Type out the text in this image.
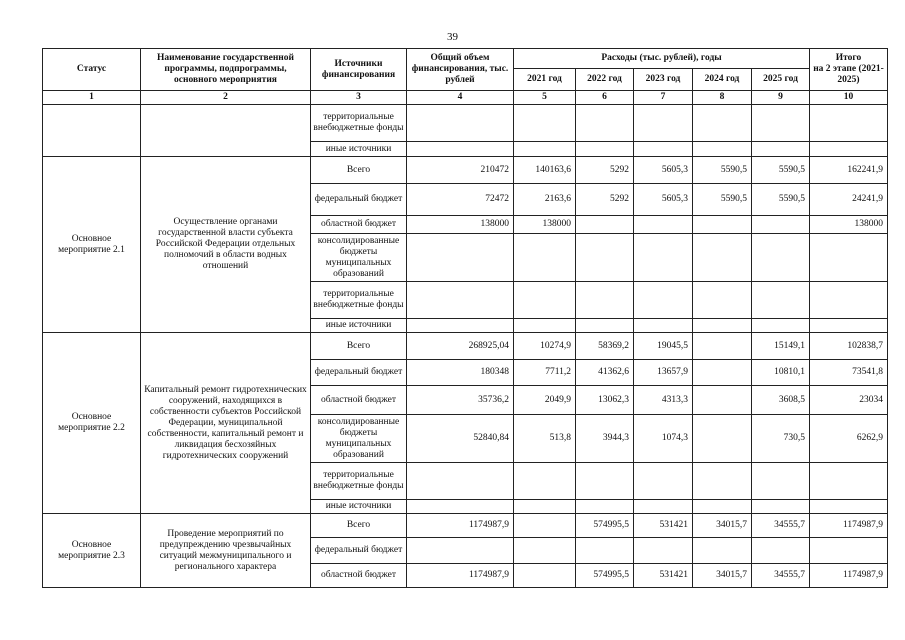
39
Статус	Наименование государственной программы, подпрограммы, основного мероприятия	Источники финансирования	Общий объем финансирования, тыс. рублей	Расходы (тыс. рублей), годы					Итого
на 2 этапе (2021-2025)
				2021 год	2022 год	2023 год	2024 год	2025 год	
1	2	3	4	5	6	7	8	9	10
		территориальные внебюджетные фонды							
		иные источники							
Основное мероприятие 2.1	Осуществление органами государственной власти субъекта Российской Федерации отдельных полномочий в области водных отношений	Всего	210472	140163,6	5292	5605,3	5590,5	5590,5	162241,9
		федеральный бюджет	72472	2163,6	5292	5605,3	5590,5	5590,5	24241,9
		областной бюджет	138000	138000					138000
		консолидированные бюджеты муниципальных образований							
		территориальные внебюджетные фонды							
		иные источники							
Основное мероприятие 2.2	Капитальный ремонт гидротехнических сооружений, находящихся в собственности субъектов Российской Федерации, муниципальной собственности, капитальный ремонт и ликвидация бесхозяйных гидротехнических сооружений	Всего	268925,04	10274,9	58369,2	19045,5		15149,1	102838,7
		федеральный бюджет	180348	7711,2	41362,6	13657,9		10810,1	73541,8
		областной бюджет	35736,2	2049,9	13062,3	4313,3		3608,5	23034
		консолидированные бюджеты муниципальных образований	52840,84	513,8	3944,3	1074,3		730,5	6262,9
		территориальные внебюджетные фонды							
		иные источники							
Основное мероприятие 2.3	Проведение мероприятий по предупреждению чрезвычайных ситуаций межмуниципального и регионального характера	Всего	1174987,9		574995,5	531421	34015,7	34555,7	1174987,9
		федеральный бюджет							
		областной бюджет	1174987,9		574995,5	531421	34015,7	34555,7	1174987,9
